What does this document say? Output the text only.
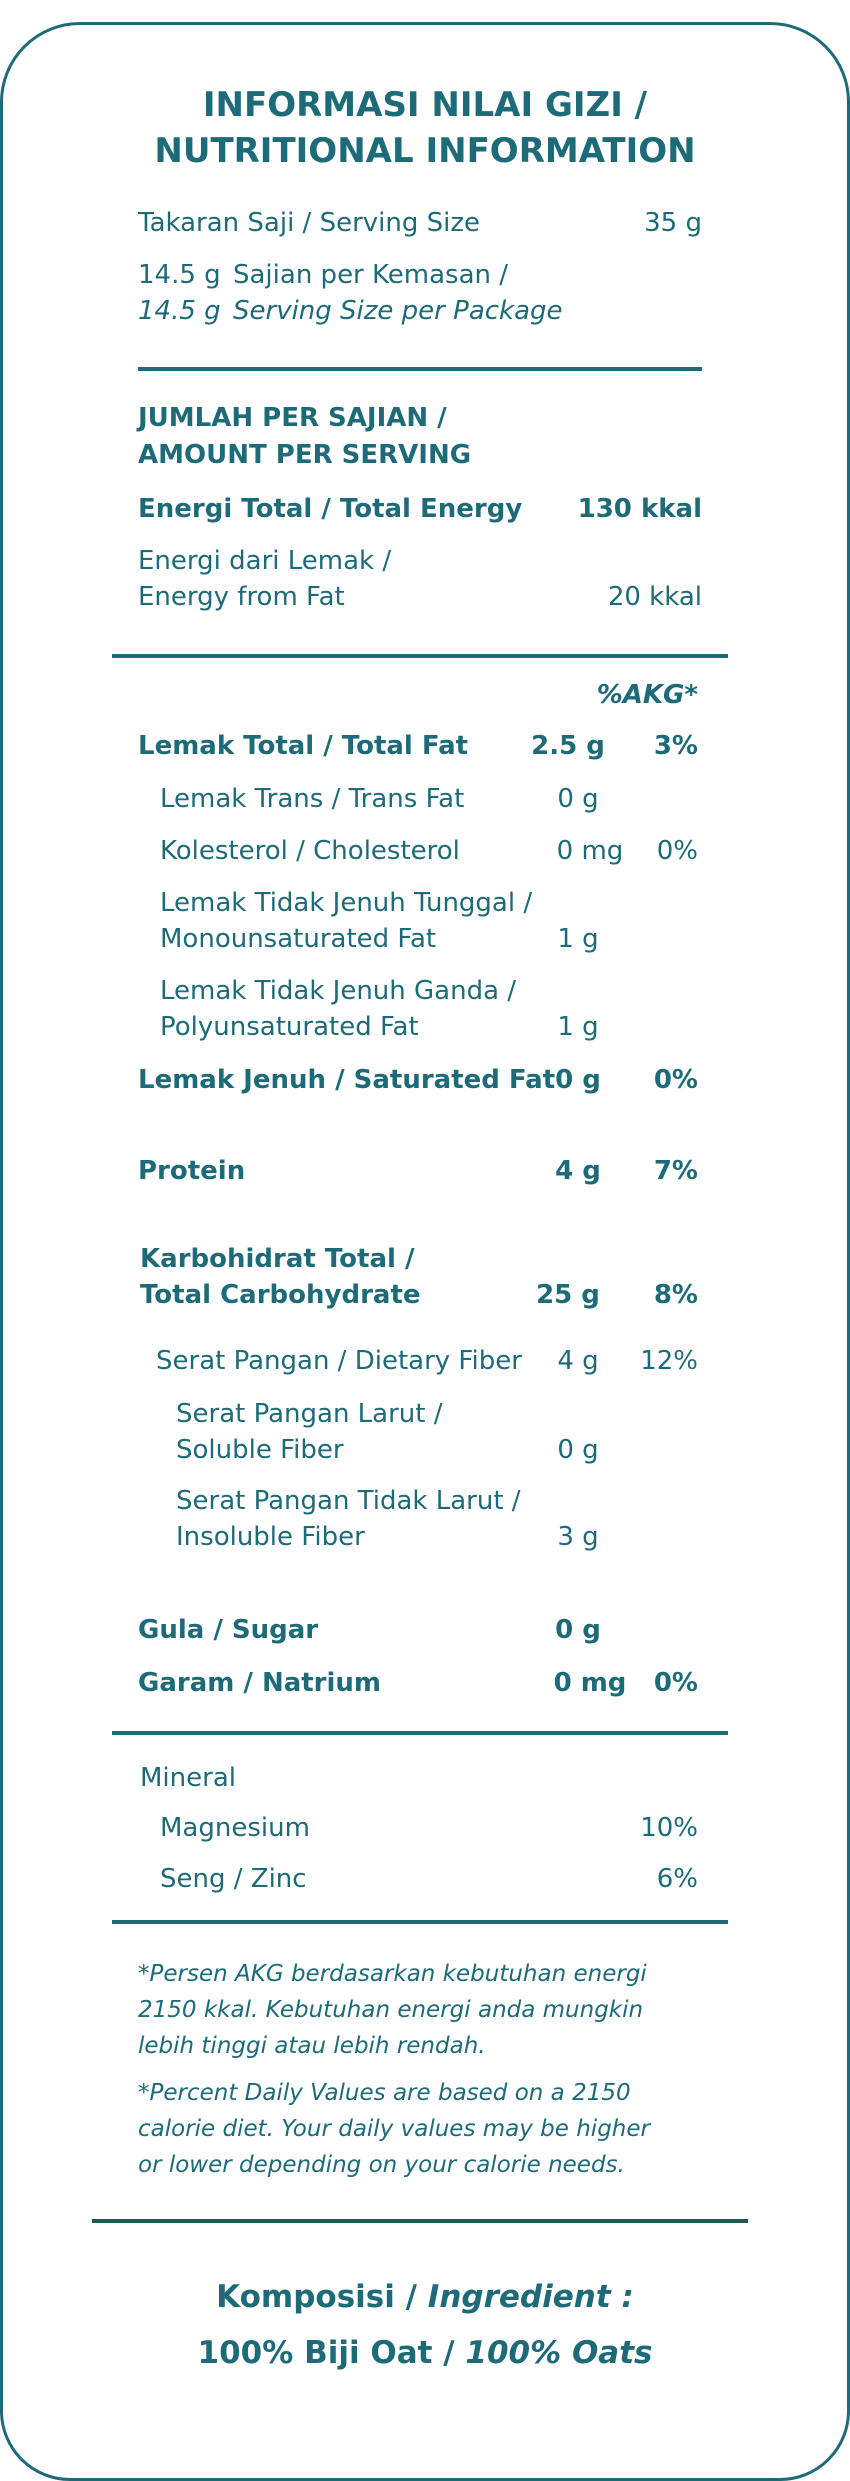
INFORMASI NILAI GIZI /
NUTRITIONAL INFORMATION
Takaran Saji / Serving Size	35 g
14.5 g Sajian per Kemasan /
14.5 g Serving Size per Package
JUMLAH PER SAJIAN /
AMOUNT PER SERVING
Energi Total / Total Energy	130 kkal
Energi dari Lemak /
Energy from Fat	20 kkal
%AKG*
Lemak Total / Total Fat	2.5 g	3%
Lemak Trans / Trans Fat	0 g
Kolesterol / Cholesterol	0 mg	0%
Lemak Tidak Jenuh Tunggal /
Monounsaturated Fat	1 g
Lemak Tidak Jenuh Ganda /
Polyunsaturated Fat	1 g
Lemak Jenuh / Saturated Fat 0 g	0%
Protein	4 g	7%
Karbohidrat Total /
Total Carbohydrate	25 g	8%
Serat Pangan / Dietary Fiber	4 g	12%
Serat Pangan Larut /
Soluble Fiber	0 g
Serat Pangan Tidak Larut /
Insoluble Fiber	3 g
Gula / Sugar	0 g
Garam / Natrium	0 mg	0%
Mineral
Magnesium	10%
Seng / Zinc	6%
*Persen AKG berdasarkan kebutuhan energi
2150 kkal. Kebutuhan energi anda mungkin
lebih tinggi atau lebih rendah.
*Percent Daily Values are based on a 2150
calorie diet. Your daily values may be higher
or lower depending on your calorie needs.
Komposisi / Ingredient :
100% Biji Oat / 100% Oats
